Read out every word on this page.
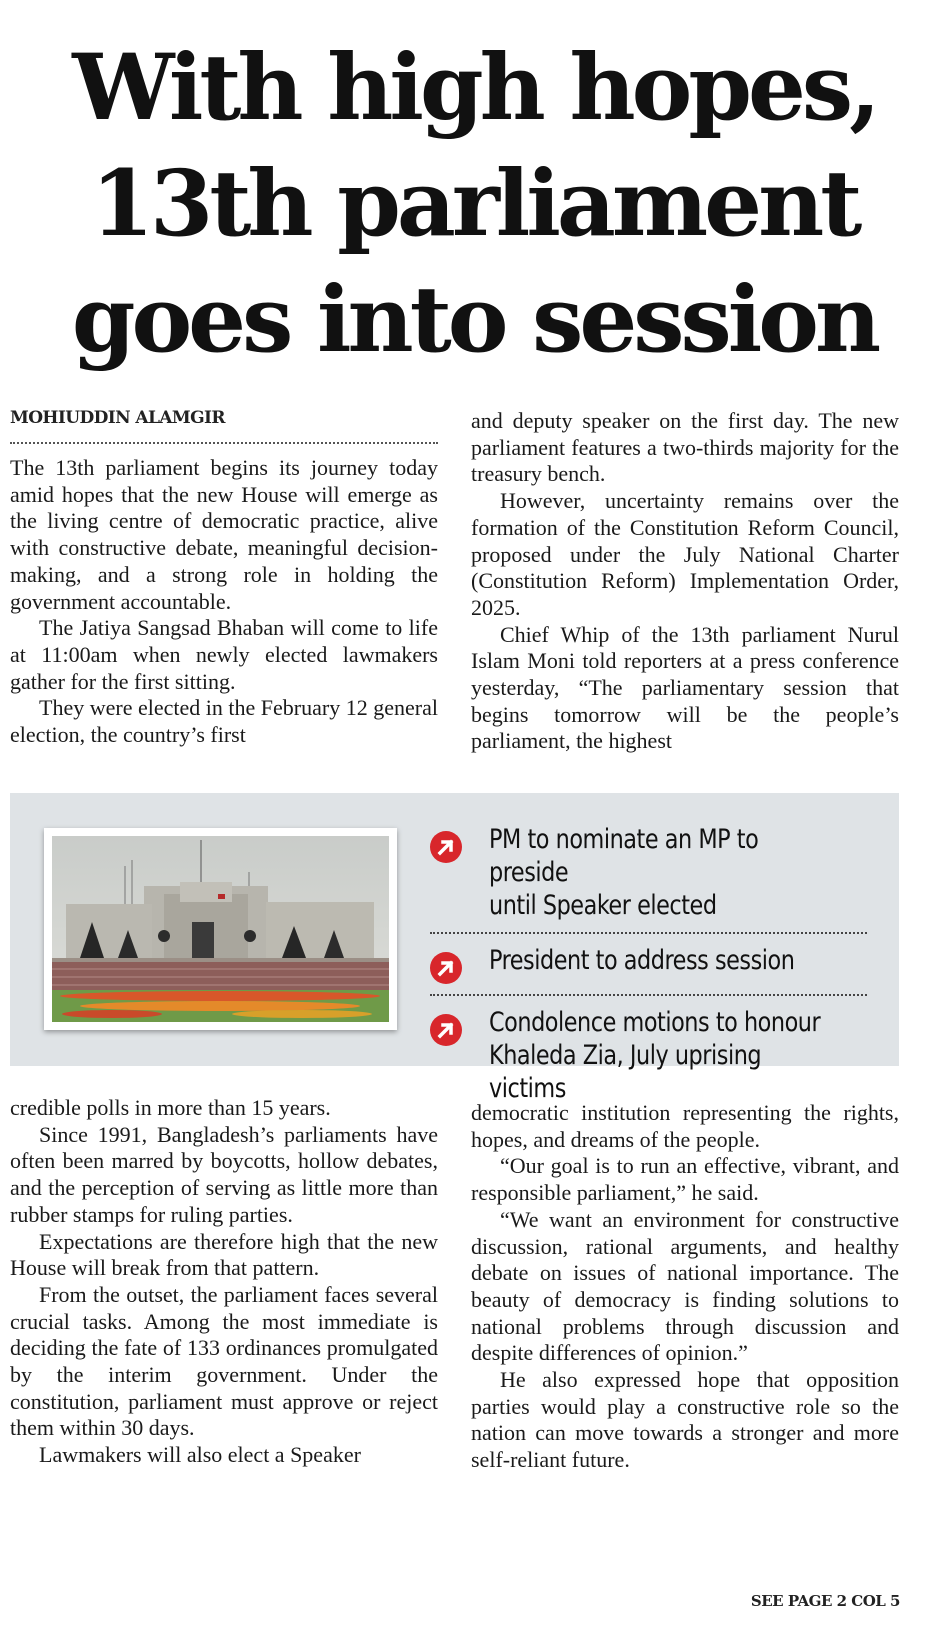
With high hopes,
13th parliament
goes into session
MOHIUDDIN ALAMGIR

The 13th parliament begins its journey today amid hopes that the new House will emerge as the living centre of democratic practice, alive with constructive debate, meaningful decision-making, and a strong role in holding the government accountable.

The Jatiya Sangsad Bhaban will come to life at 11:00am when newly elected lawmakers gather for the first sitting.

They were elected in the February 12 general election, the country’s first

and deputy speaker on the first day. The new parliament features a two-thirds majority for the treasury bench.

However, uncertainty remains over the formation of the Constitution Reform Council, proposed under the July National Charter (Constitution Reform) Implementation Order, 2025.

Chief Whip of the 13th parliament Nurul Islam Moni told reporters at a press conference yesterday, “The parliamentary session that begins tomorrow will be the people’s parliament, the highest

PM to nominate an MP to preside
until Speaker elected
President to address session
Condolence motions to honour
Khaleda Zia, July uprising victims

credible polls in more than 15 years.

Since 1991, Bangladesh’s parliaments have often been marred by boycotts, hollow debates, and the perception of serving as little more than rubber stamps for ruling parties.

Expectations are therefore high that the new House will break from that pattern.

From the outset, the parliament faces several crucial tasks. Among the most immediate is deciding the fate of 133 ordinances promulgated by the interim government. Under the constitution, parliament must approve or reject them within 30 days.

Lawmakers will also elect a Speaker

democratic institution representing the rights, hopes, and dreams of the people.

“Our goal is to run an effective, vibrant, and responsible parliament,” he said.

“We want an environment for constructive discussion, rational arguments, and healthy debate on issues of national importance. The beauty of democracy is finding solutions to national problems through discussion and despite differences of opinion.”

He also expressed hope that opposition parties would play a constructive role so the nation can move towards a stronger and more self-reliant future.

SEE PAGE 2 COL 5
